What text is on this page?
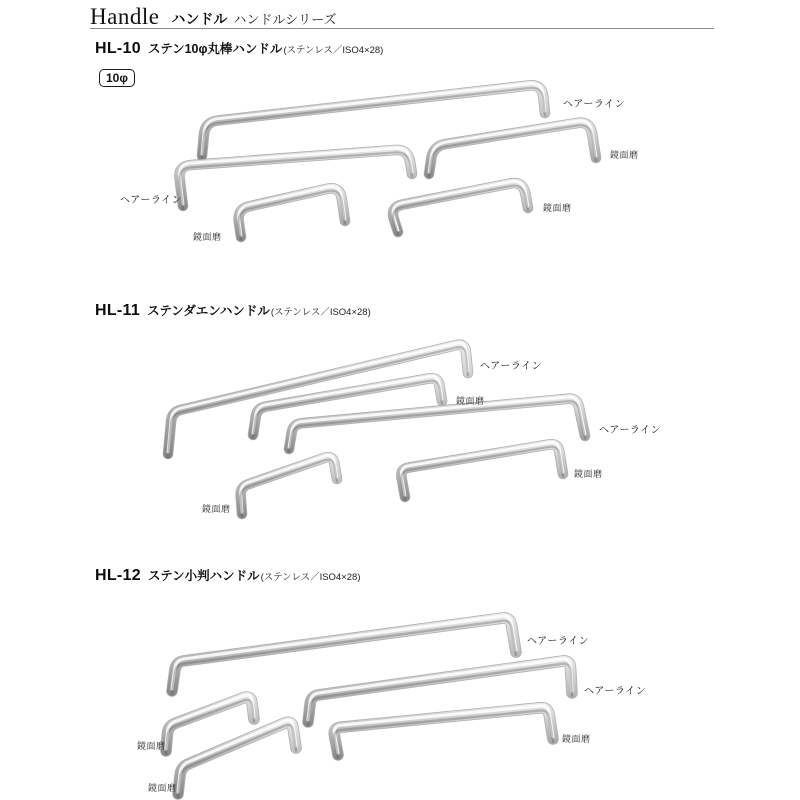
Handle ハンドル ハンドルシリーズ
HL-10 ステン10φ丸棒ハンドル (ステンレス／ISO4×28)
10φ
HL-11 ステンダエンハンドル (ステンレス／ISO4×28)
HL-12 ステン小判ハンドル (ステンレス／ISO4×28)
ヘアーライン
ヘアーライン
鏡面磨
鏡面磨
鏡面磨
ヘアーライン
鏡面磨
ヘアーライン
鏡面磨
鏡面磨
ヘアーライン
ヘアーライン
鏡面磨
鏡面磨
鏡面磨
